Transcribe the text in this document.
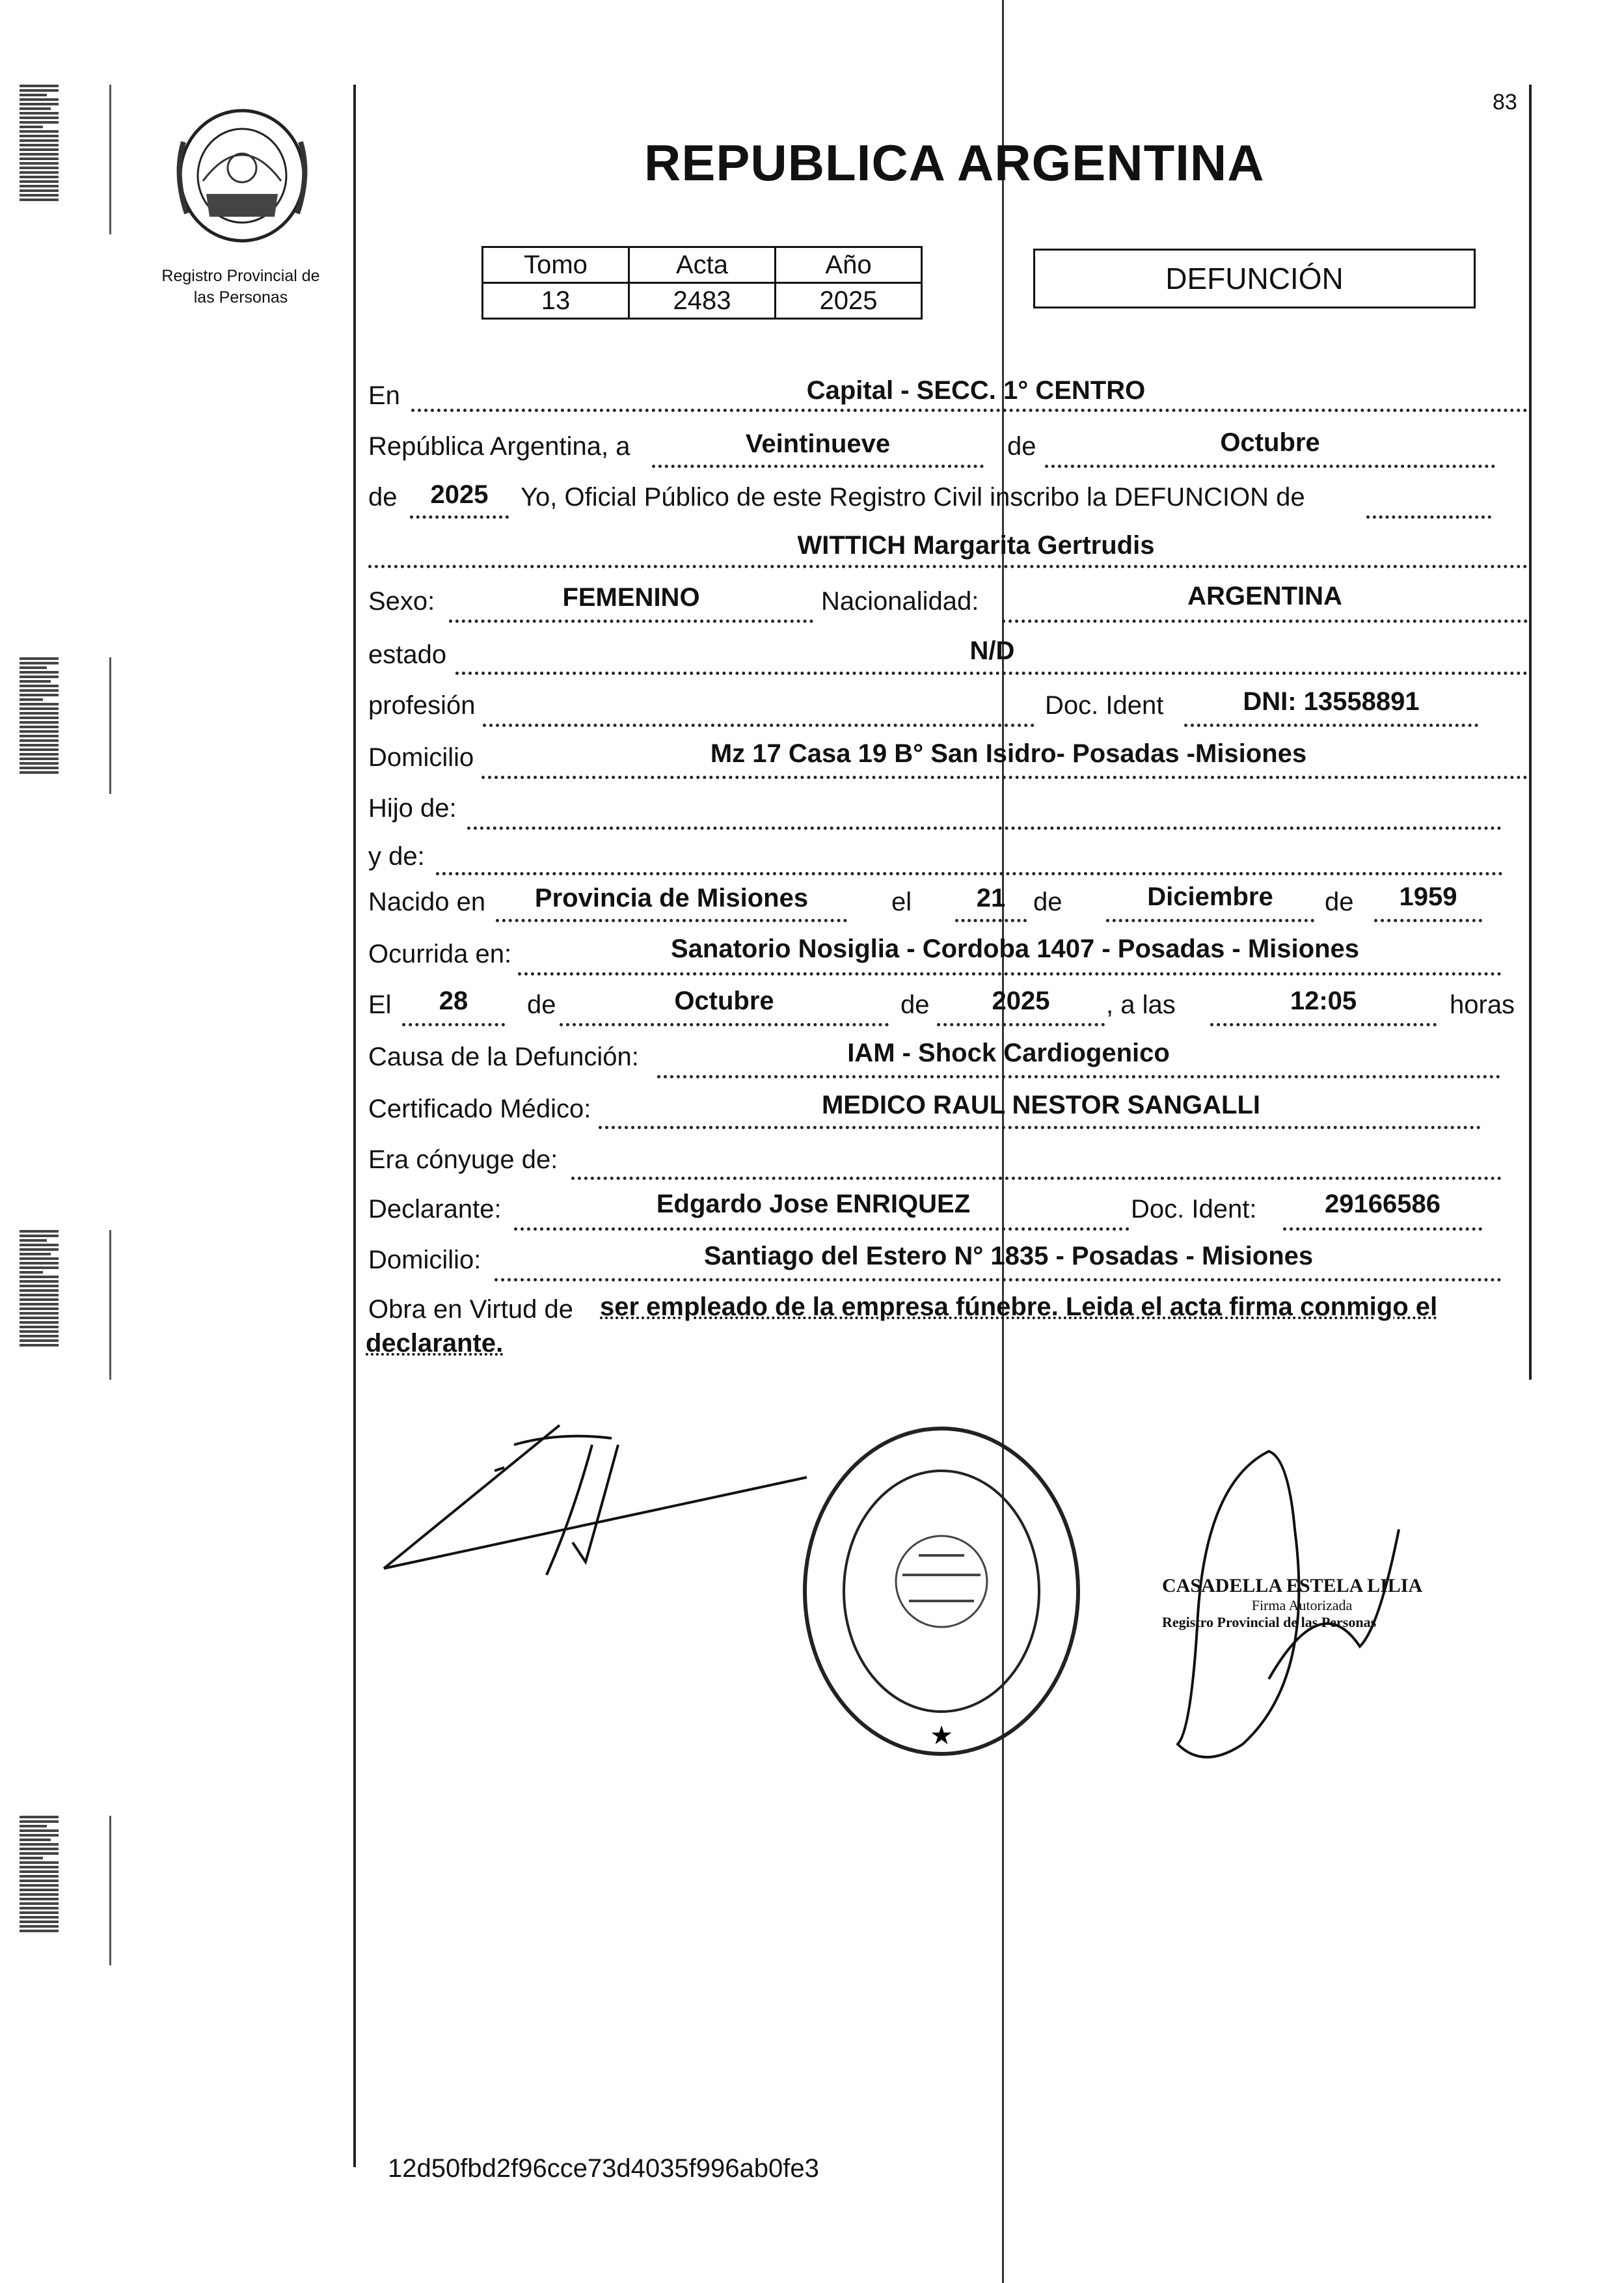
83
Registro Provincial de
las Personas
REPUBLICA ARGENTINA
Tomo	Acta	Año
13	2483	2025
DEFUNCIÓN
En	Capital - SECC. 1° CENTRO
República Argentina, a	Veintinueve	de	Octubre
de	2025	Yo, Oficial Público de este Registro Civil inscribo la DEFUNCION de
WITTICH Margarita Gertrudis
Sexo:	FEMENINO	Nacionalidad:	ARGENTINA
estado	N/D
profesión	Doc. Ident	DNI: 13558891
Domicilio	Mz 17 Casa 19 B° San Isidro- Posadas -Misiones
Hijo de:
y de:
Nacido en	Provincia de Misiones	el	21	de	Diciembre	de	1959
Ocurrida en:	Sanatorio Nosiglia - Cordoba 1407 - Posadas - Misiones
El	28	de	Octubre	de	2025	, a las	12:05	horas
Causa de la Defunción:	IAM - Shock Cardiogenico
Certificado Médico:	MEDICO RAUL NESTOR SANGALLI
Era cónyuge de:
Declarante:	Edgardo Jose ENRIQUEZ	Doc. Ident:	29166586
Domicilio:	Santiago del Estero N° 1835 - Posadas - Misiones
Obra en Virtud de ser empleado de la empresa fúnebre. Leida el acta firma conmigo el
declarante.
★
CASADELLA ESTELA LILIA
Firma Autorizada
Registro Provincial de las Personas
12d50fbd2f96cce73d4035f996ab0fe3
